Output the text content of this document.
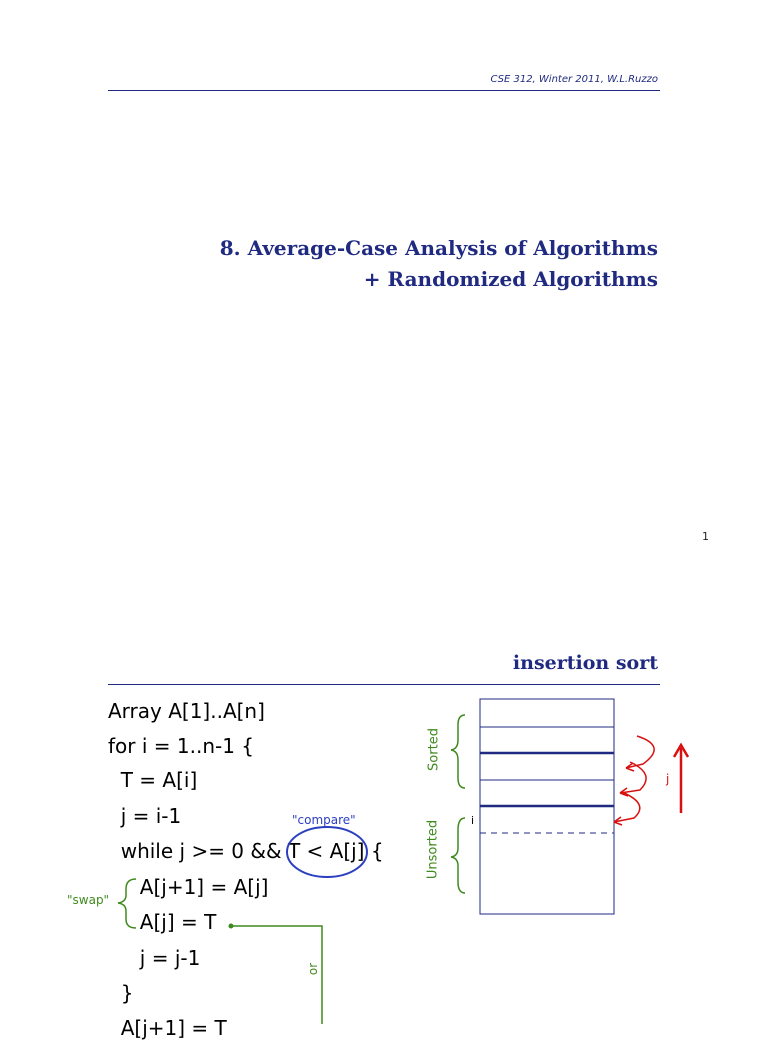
CSE 312, Winter 2011, W.L.Ruzzo
8. Average-Case Analysis of Algorithms
+ Randomized Algorithms
1
insertion sort
Array A[1]..A[n]
for i = 1..n-1 {
T = A[i]
j = i-1
while j >= 0 && T < A[j] {
A[j+1] = A[j]
A[j] = T
j = j-1
}
A[j+1] = T
"compare"
"swap"
or
Sorted
Unsorted	i
j
